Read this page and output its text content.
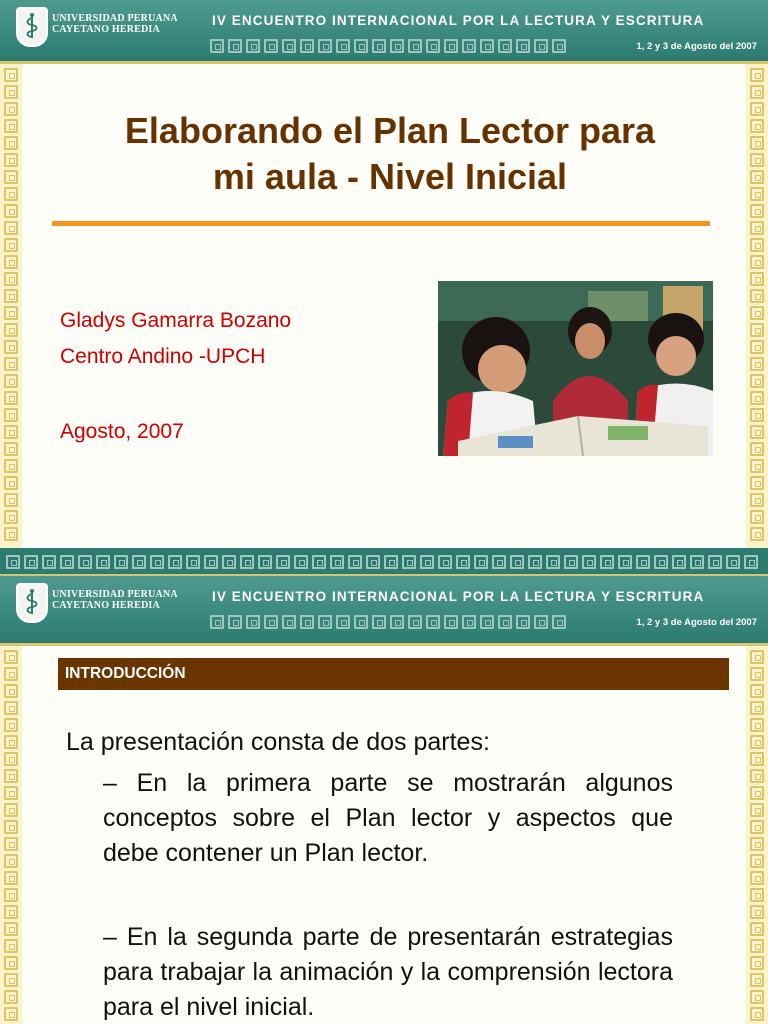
UNIVERSIDAD PERUANA
CAYETANO HEREDIA
IV ENCUENTRO INTERNACIONAL POR LA LECTURA Y ESCRITURA
1, 2 y 3 de Agosto del 2007
Elaborando el Plan Lector para
mi aula - Nivel Inicial
Gladys Gamarra Bozano
Centro Andino -UPCH
Agosto, 2007
UNIVERSIDAD PERUANA
CAYETANO HEREDIA
IV ENCUENTRO INTERNACIONAL POR LA LECTURA Y ESCRITURA
1, 2 y 3 de Agosto del 2007
INTRODUCCIÓN
La presentación consta de dos partes:
– En la primera parte se mostrarán algunos conceptos sobre el Plan lector y aspectos que debe contener un Plan lector.
– En la segunda parte de presentarán estrategias para trabajar la animación y la comprensión lectora para el nivel inicial.
